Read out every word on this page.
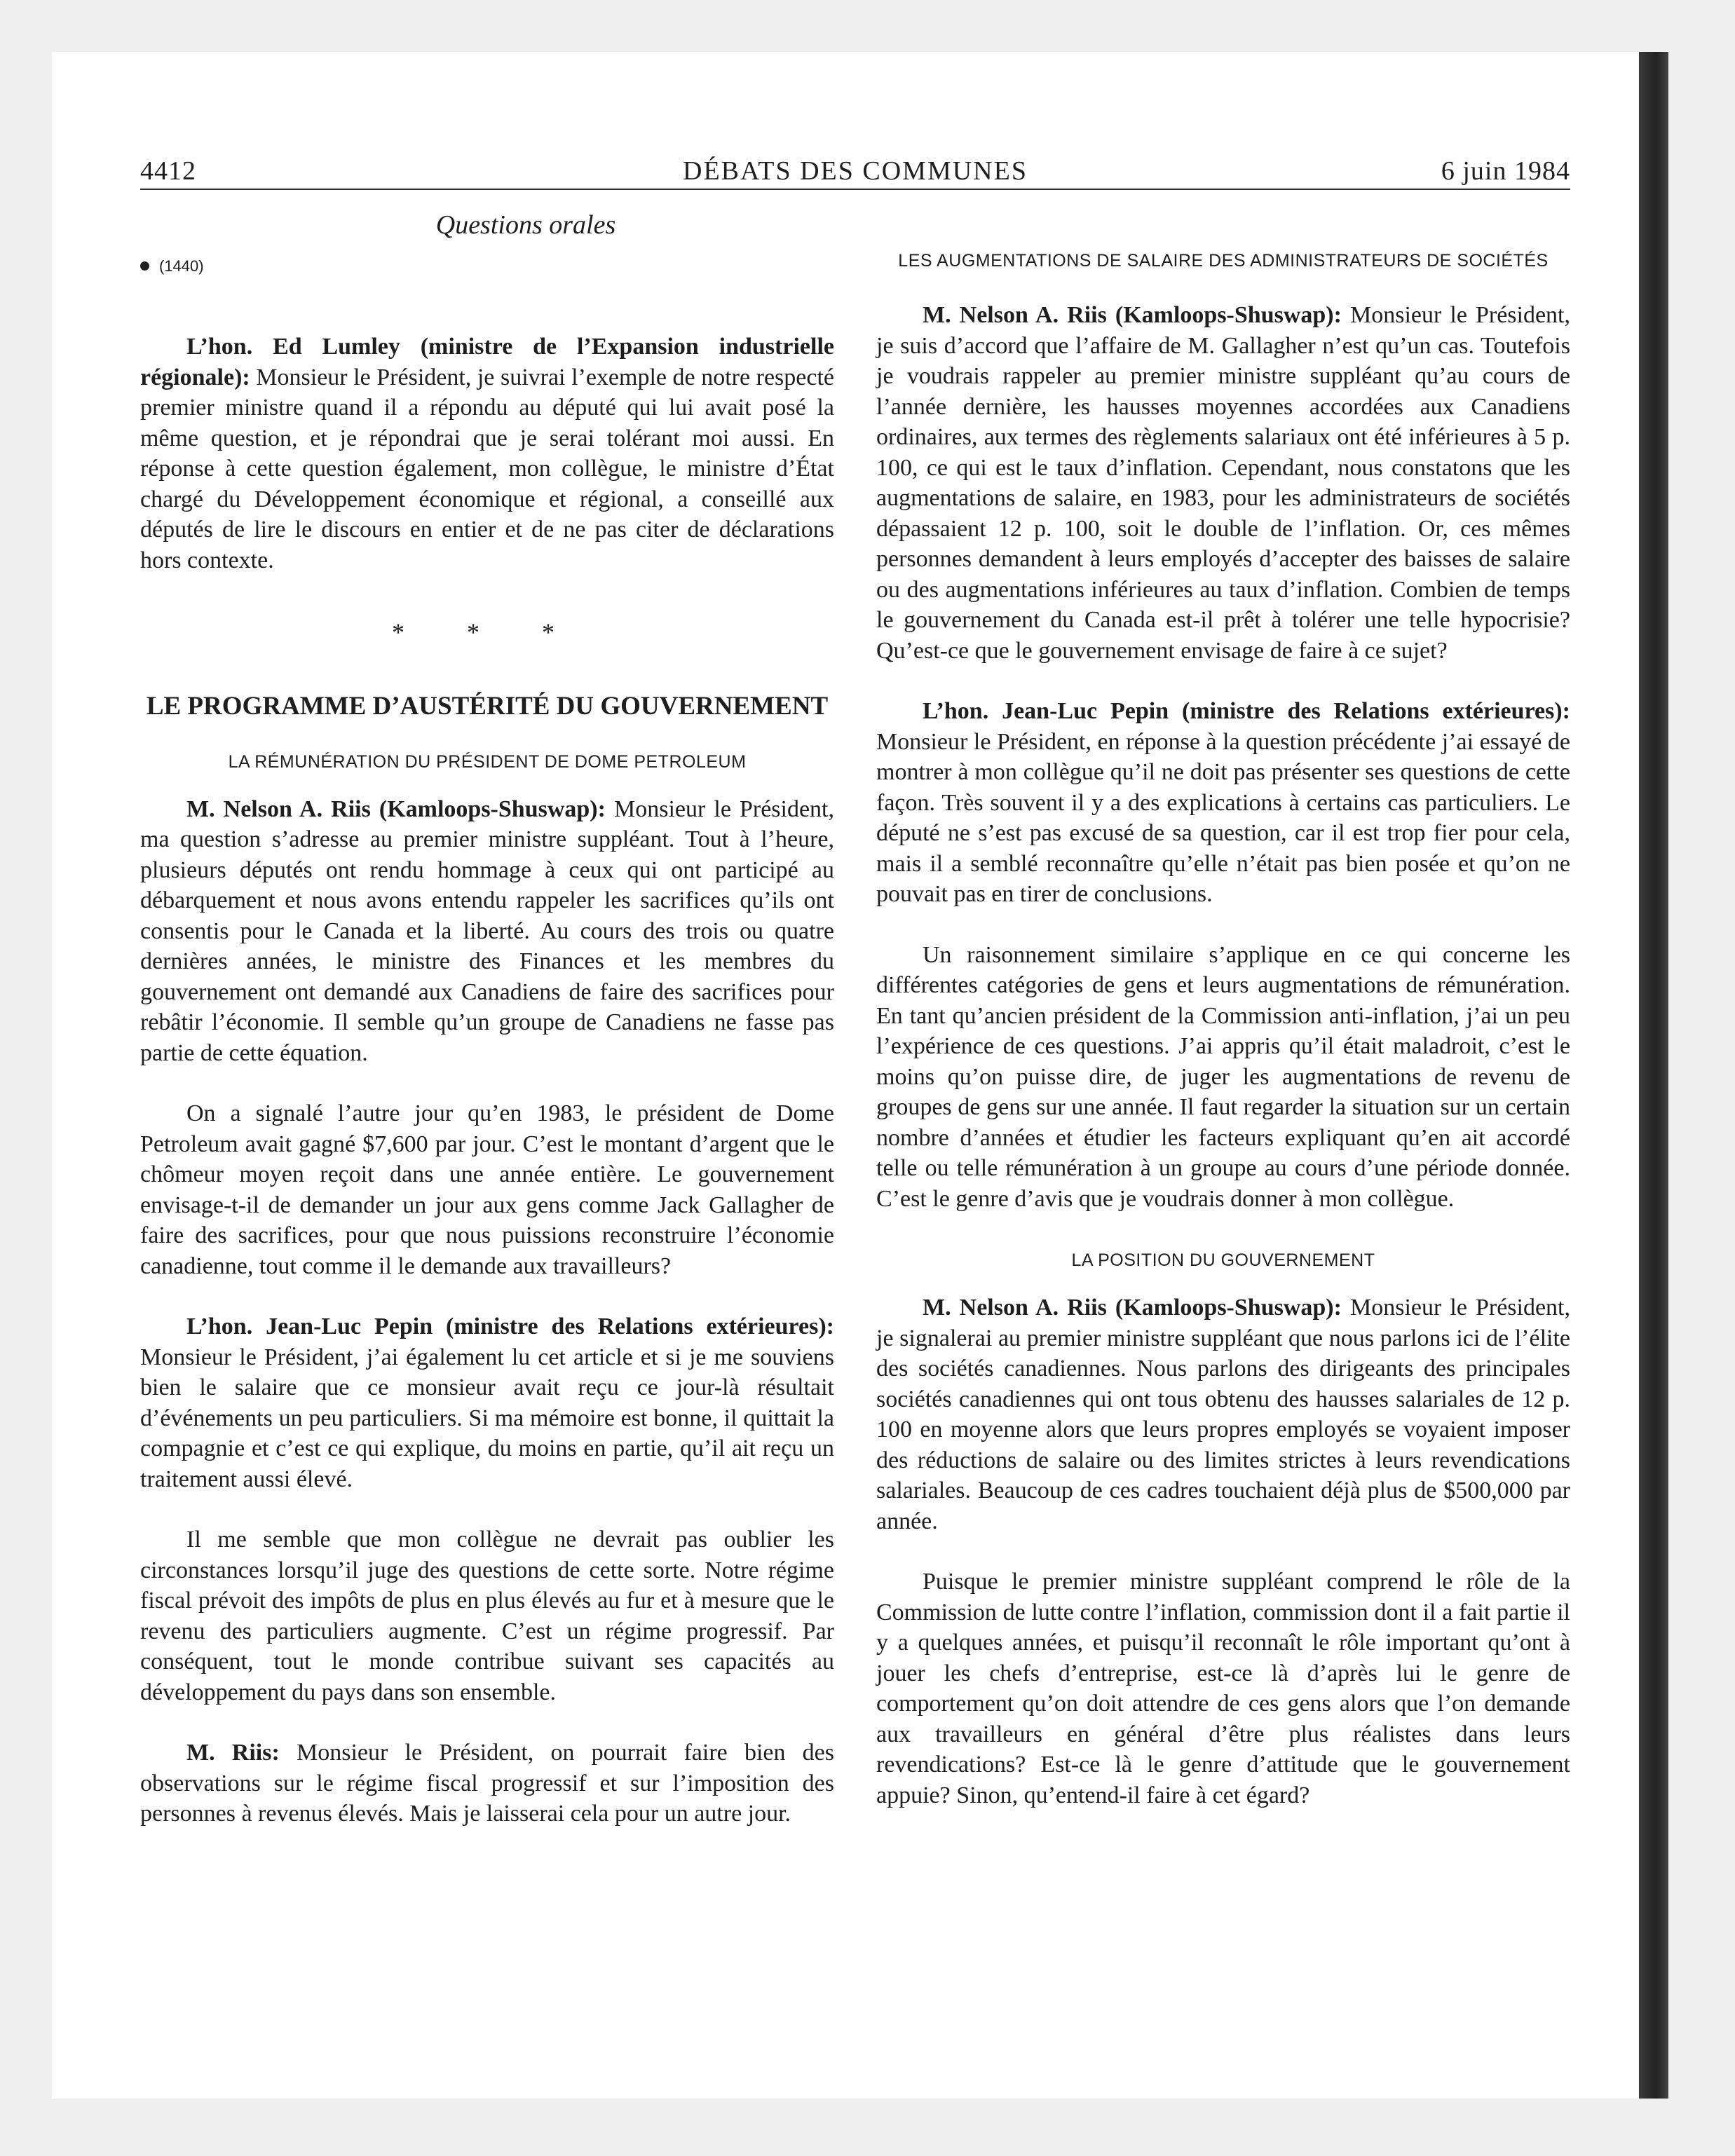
4412	DÉBATS DES COMMUNES	6 juin 1984
Questions orales
(1440)

L’hon. Ed Lumley (ministre de l’Expansion industrielle régionale): Monsieur le Président, je suivrai l’exemple de notre respecté premier ministre quand il a répondu au député qui lui avait posé la même question, et je répondrai que je serai tolérant moi aussi. En réponse à cette question également, mon collègue, le ministre d’État chargé du Développement économique et régional, a conseillé aux députés de lire le discours en entier et de ne pas citer de déclarations hors contexte.

* * *
LE PROGRAMME D’AUSTÉRITÉ DU GOUVERNEMENT
LA RÉMUNÉRATION DU PRÉSIDENT DE DOME PETROLEUM

M. Nelson A. Riis (Kamloops-Shuswap): Monsieur le Président, ma question s’adresse au premier ministre suppléant. Tout à l’heure, plusieurs députés ont rendu hommage à ceux qui ont participé au débarquement et nous avons entendu rappeler les sacrifices qu’ils ont consentis pour le Canada et la liberté. Au cours des trois ou quatre dernières années, le ministre des Finances et les membres du gouvernement ont demandé aux Canadiens de faire des sacrifices pour rebâtir l’économie. Il semble qu’un groupe de Canadiens ne fasse pas partie de cette équation.

On a signalé l’autre jour qu’en 1983, le président de Dome Petroleum avait gagné $7,600 par jour. C’est le montant d’argent que le chômeur moyen reçoit dans une année entière. Le gouvernement envisage-t-il de demander un jour aux gens comme Jack Gallagher de faire des sacrifices, pour que nous puissions reconstruire l’économie canadienne, tout comme il le demande aux travailleurs?

L’hon. Jean-Luc Pepin (ministre des Relations extérieures): Monsieur le Président, j’ai également lu cet article et si je me souviens bien le salaire que ce monsieur avait reçu ce jour-là résultait d’événements un peu particuliers. Si ma mémoire est bonne, il quittait la compagnie et c’est ce qui explique, du moins en partie, qu’il ait reçu un traitement aussi élevé.

Il me semble que mon collègue ne devrait pas oublier les circonstances lorsqu’il juge des questions de cette sorte. Notre régime fiscal prévoit des impôts de plus en plus élevés au fur et à mesure que le revenu des particuliers augmente. C’est un régime progressif. Par conséquent, tout le monde contribue suivant ses capacités au développement du pays dans son ensemble.

M. Riis: Monsieur le Président, on pourrait faire bien des observations sur le régime fiscal progressif et sur l’imposition des personnes à revenus élevés. Mais je laisserai cela pour un autre jour.

LES AUGMENTATIONS DE SALAIRE DES ADMINISTRATEURS DE SOCIÉTÉS

M. Nelson A. Riis (Kamloops-Shuswap): Monsieur le Président, je suis d’accord que l’affaire de M. Gallagher n’est qu’un cas. Toutefois je voudrais rappeler au premier ministre suppléant qu’au cours de l’année dernière, les hausses moyennes accordées aux Canadiens ordinaires, aux termes des règlements salariaux ont été inférieures à 5 p. 100, ce qui est le taux d’inflation. Cependant, nous constatons que les augmentations de salaire, en 1983, pour les administrateurs de sociétés dépassaient 12 p. 100, soit le double de l’inflation. Or, ces mêmes personnes demandent à leurs employés d’accepter des baisses de salaire ou des augmentations inférieures au taux d’inflation. Combien de temps le gouvernement du Canada est-il prêt à tolérer une telle hypocrisie? Qu’est-ce que le gouvernement envisage de faire à ce sujet?

L’hon. Jean-Luc Pepin (ministre des Relations extérieures): Monsieur le Président, en réponse à la question précédente j’ai essayé de montrer à mon collègue qu’il ne doit pas présenter ses questions de cette façon. Très souvent il y a des explications à certains cas particuliers. Le député ne s’est pas excusé de sa question, car il est trop fier pour cela, mais il a semblé reconnaître qu’elle n’était pas bien posée et qu’on ne pouvait pas en tirer de conclusions.

Un raisonnement similaire s’applique en ce qui concerne les différentes catégories de gens et leurs augmentations de rémunération. En tant qu’ancien président de la Commission anti-inflation, j’ai un peu l’expérience de ces questions. J’ai appris qu’il était maladroit, c’est le moins qu’on puisse dire, de juger les augmentations de revenu de groupes de gens sur une année. Il faut regarder la situation sur un certain nombre d’années et étudier les facteurs expliquant qu’en ait accordé telle ou telle rémunération à un groupe au cours d’une période donnée. C’est le genre d’avis que je voudrais donner à mon collègue.

LA POSITION DU GOUVERNEMENT

M. Nelson A. Riis (Kamloops-Shuswap): Monsieur le Président, je signalerai au premier ministre suppléant que nous parlons ici de l’élite des sociétés canadiennes. Nous parlons des dirigeants des principales sociétés canadiennes qui ont tous obtenu des hausses salariales de 12 p. 100 en moyenne alors que leurs propres employés se voyaient imposer des réductions de salaire ou des limites strictes à leurs revendications salariales. Beaucoup de ces cadres touchaient déjà plus de $500,000 par année.

Puisque le premier ministre suppléant comprend le rôle de la Commission de lutte contre l’inflation, commission dont il a fait partie il y a quelques années, et puisqu’il reconnaît le rôle important qu’ont à jouer les chefs d’entreprise, est-ce là d’après lui le genre de comportement qu’on doit attendre de ces gens alors que l’on demande aux travailleurs en général d’être plus réalistes dans leurs revendications? Est-ce là le genre d’attitude que le gouvernement appuie? Sinon, qu’entend-il faire à cet égard?
